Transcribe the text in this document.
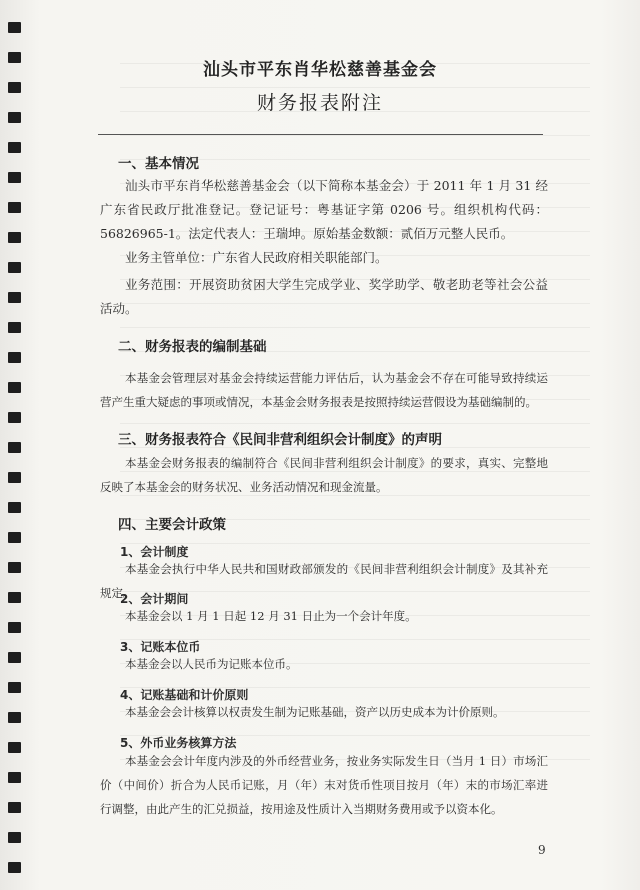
汕头市平东肖华松慈善基金会
财务报表附注
一、基本情况
汕头市平东肖华松慈善基金会（以下简称本基金会）于 2011 年 1 月 31 经广东省民政厅批准登记。登记证号：粤基证字第 0206 号。组织机构代码：56826965-1。法定代表人：王瑞坤。原始基金数额：贰佰万元整人民币。
业务主管单位：广东省人民政府相关职能部门。
业务范围：开展资助贫困大学生完成学业、奖学助学、敬老助老等社会公益活动。
二、财务报表的编制基础
本基金会管理层对基金会持续运营能力评估后，认为基金会不存在可能导致持续运营产生重大疑虑的事项或情况，本基金会财务报表是按照持续运营假设为基础编制的。
三、财务报表符合《民间非营利组织会计制度》的声明
本基金会财务报表的编制符合《民间非营利组织会计制度》的要求，真实、完整地反映了本基金会的财务状况、业务活动情况和现金流量。
四、主要会计政策
1、会计制度
本基金会执行中华人民共和国财政部颁发的《民间非营利组织会计制度》及其补充规定。
2、会计期间
本基金会以 1 月 1 日起 12 月 31 日止为一个会计年度。
3、记账本位币
本基金会以人民币为记账本位币。
4、记账基础和计价原则
本基金会会计核算以权责发生制为记账基础，资产以历史成本为计价原则。
5、外币业务核算方法
本基金会会计年度内涉及的外币经营业务，按业务实际发生日（当月 1 日）市场汇价（中间价）折合为人民币记账，月（年）末对货币性项目按月（年）末的市场汇率进行调整，由此产生的汇兑损益，按用途及性质计入当期财务费用或予以资本化。
9
